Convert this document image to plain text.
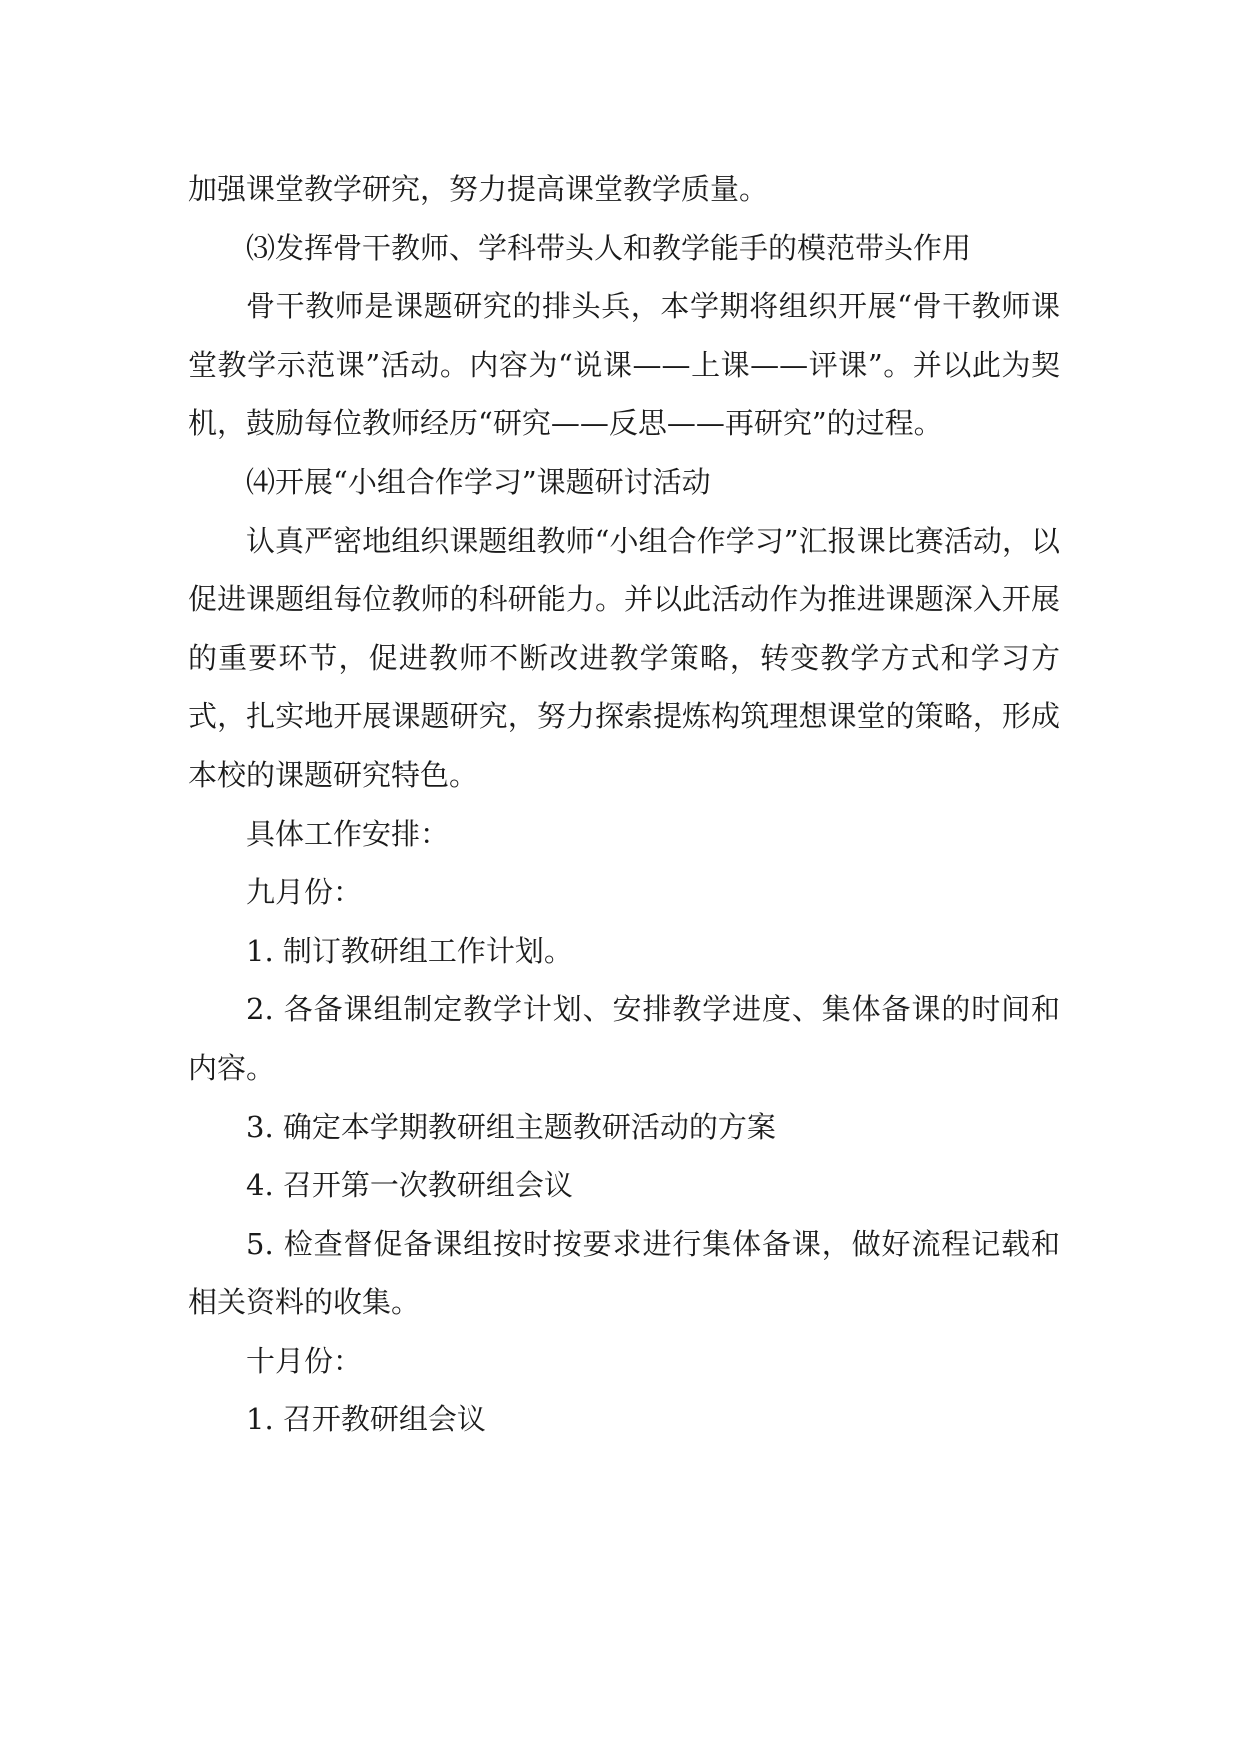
加强课堂教学研究，努力提高课堂教学质量。

⑶发挥骨干教师、学科带头人和教学能手的模范带头作用

骨干教师是课题研究的排头兵，本学期将组织开展“骨干教师课堂教学示范课”活动。内容为“说课——上课——评课”。并以此为契机，鼓励每位教师经历“研究——反思——再研究”的过程。

⑷开展“小组合作学习”课题研讨活动

认真严密地组织课题组教师“小组合作学习”汇报课比赛活动，以促进课题组每位教师的科研能力。并以此活动作为推进课题深入开展的重要环节，促进教师不断改进教学策略，转变教学方式和学习方式，扎实地开展课题研究，努力探索提炼构筑理想课堂的策略，形成本校的课题研究特色。

具体工作安排：

九月份：

1. 制订教研组工作计划。

2. 各备课组制定教学计划、安排教学进度、集体备课的时间和内容。

3. 确定本学期教研组主题教研活动的方案

4. 召开第一次教研组会议

5. 检查督促备课组按时按要求进行集体备课，做好流程记载和相关资料的收集。

十月份：

1. 召开教研组会议
